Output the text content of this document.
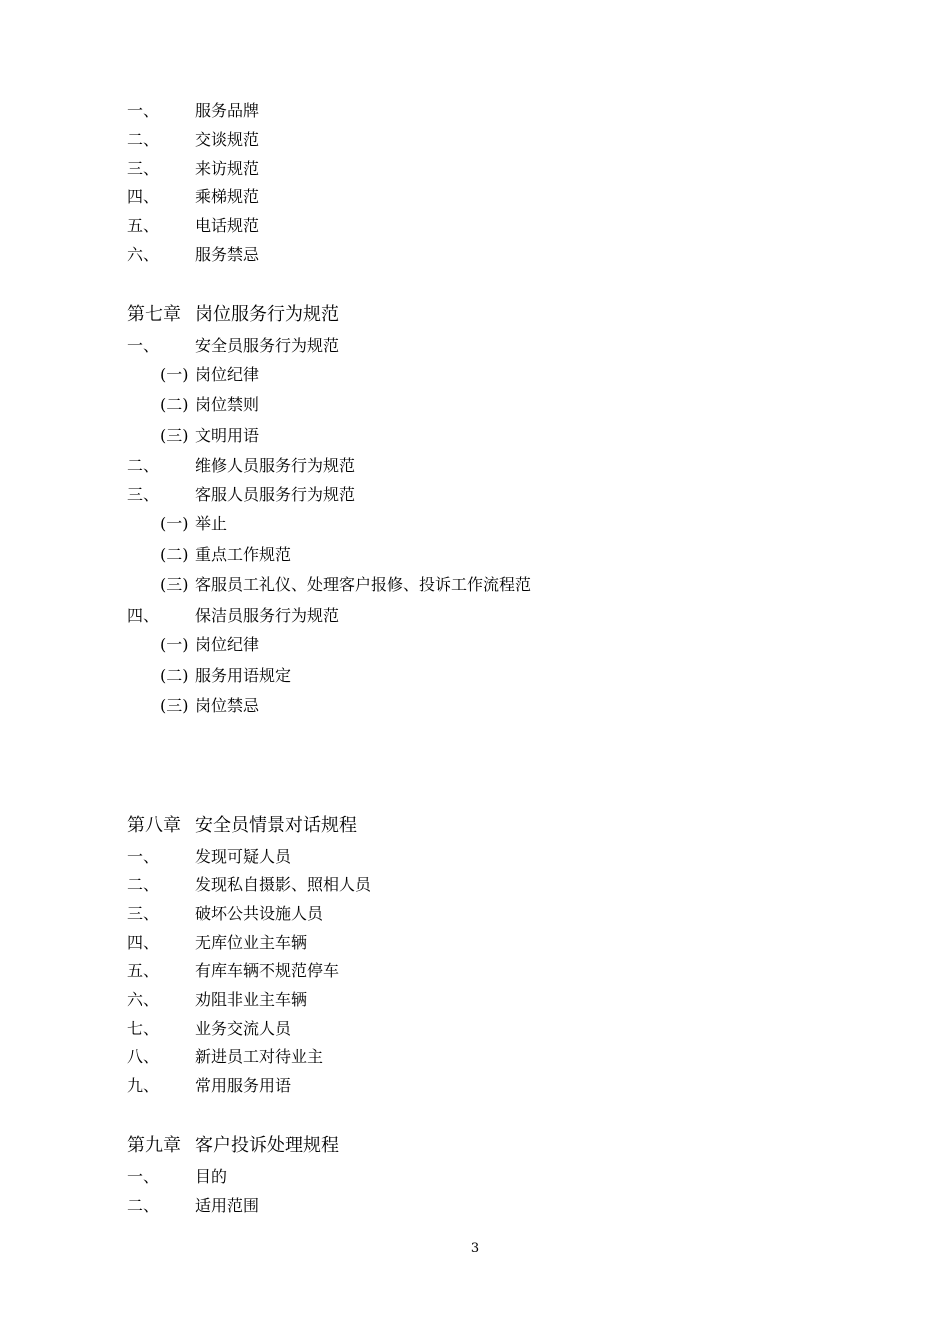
一、 服务品牌
二、 交谈规范
三、 来访规范
四、 乘梯规范
五、 电话规范
六、 服务禁忌
第七章 岗位服务行为规范
一、 安全员服务行为规范
(一) 岗位纪律
(二) 岗位禁则
(三) 文明用语
二、 维修人员服务行为规范
三、 客服人员服务行为规范
(一) 举止
(二) 重点工作规范
(三) 客服员工礼仪、处理客户报修、投诉工作流程范
四、 保洁员服务行为规范
(一) 岗位纪律
(二) 服务用语规定
(三) 岗位禁忌
第八章 安全员情景对话规程
一、 发现可疑人员
二、 发现私自摄影、照相人员
三、 破坏公共设施人员
四、 无库位业主车辆
五、 有库车辆不规范停车
六、 劝阻非业主车辆
七、 业务交流人员
八、 新进员工对待业主
九、 常用服务用语
第九章 客户投诉处理规程
一、 目的
二、 适用范围
3
